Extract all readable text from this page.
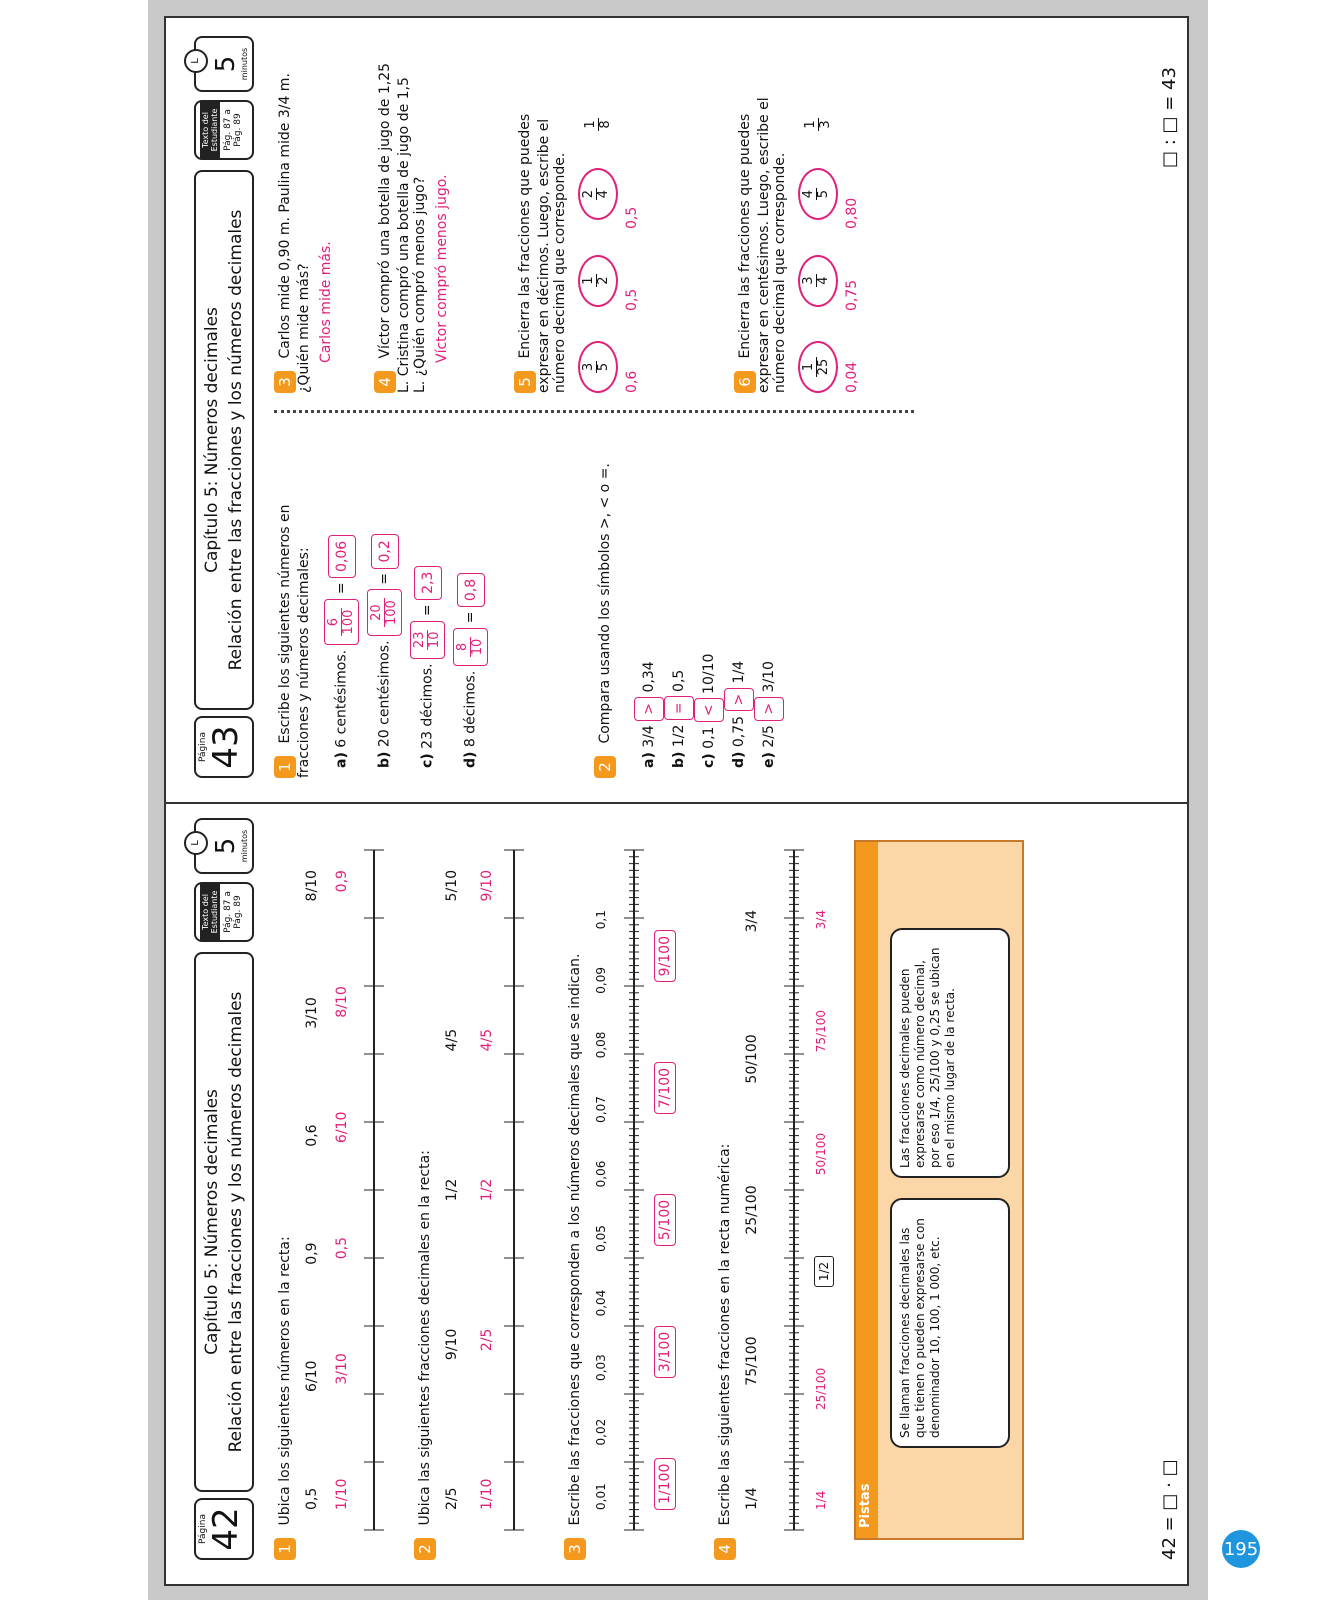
Página
43
Capítulo 5: Números decimales Relación entre las fracciones y los números decimales
Texto del Estudiante Pág. 87 a Pág. 89
L 5 minutos
1 Escribe los siguientes números en fracciones y números decimales:	a) 6 centésimos.
6 100
= 0,06
b) 20 centésimos.
20 100
= 0,2
c) 23 décimos.
23 10
= 2,3
d) 8 décimos.
8 10
= 0,8
2 Compara usando los símbolos >, < o =.
a) 3/4 > 0,34
b) 1/2 = 0,5
c) 0,1 < 10/10
d) 0,75 > 1/4
e) 2/5 > 3/10
3 Carlos mide 0,90 m. Paulina mide 3/4 m. ¿Quién mide más? Carlos mide más.
4 Víctor compró una botella de jugo de 1,25 L. Cristina compró una botella de jugo de 1,5 L. ¿Quién compró menos jugo? Víctor compró menos jugo.
5 Encierra las fracciones que puedes expresar en décimos. Luego, escribe el número decimal que corresponde. 3 5

1 2

2 4

1 8
0,60,50,5
6 Encierra las fracciones que puedes expresar en centésimos. Luego, escribe el número decimal que corresponde. 1 25

3 4

4 5

1 3
0,040,750,80
□ : □ = 43
Página
42
Capítulo 5: Números decimales Relación entre las fracciones y los números decimales
Texto del Estudiante Pág. 87 a Pág. 89
L 5 minutos
1 Ubica los siguientes números en la recta: 0,5
6/10
0,9
0,6
3/10
8/10
1/10
3/10
0,5
6/10
8/10
0,9
2 Ubica las siguientes fracciones decimales en la recta: 2/5
9/10
1/2
4/5
5/10
1/10
2/5
1/2
4/5
9/10
3 Escribe las fracciones que corresponden a los números decimales que se indican. 0,01
0,02
0,03
0,04
0,05
0,06
0,07
0,08
0,09
0,1
1/100
3/100
5/100
7/100
9/100
4 Escribe las siguientes fracciones en la recta numérica: 1/4
75/100
25/100
50/100
3/4
1/4
25/100
1/2
50/100
75/100
3/4
Pistas
Se llaman fracciones decimales las que tienen o pueden expresarse con denominador 10, 100, 1 000, etc.
Las fracciones decimales pueden expresarse como número decimal, por eso 1/4, 25/100 y 0,25 se ubican en el mismo lugar de la recta.
42 = □ · □ 195
